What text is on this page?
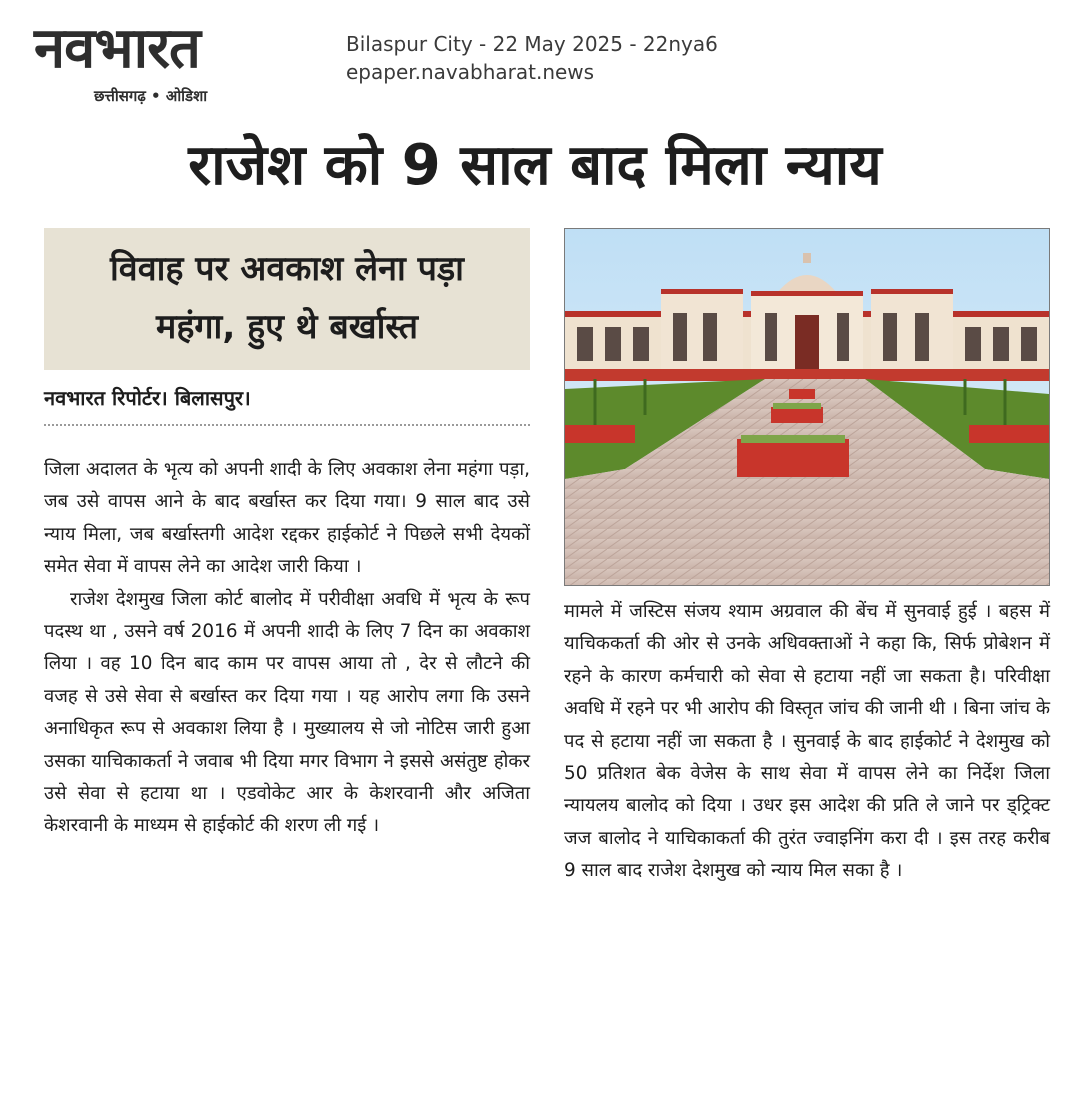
नवभारत
छत्तीसगढ़ • ओडिशा
Bilaspur City - 22 May 2025 - 22nya6
epaper.navabharat.news
राजेश को 9 साल बाद मिला न्याय
विवाह पर अवकाश लेना पड़ा
महंगा, हुए थे बर्खास्त
नवभारत रिपोर्टर। बिलासपुर।

जिला अदालत के भृत्य को अपनी शादी के लिए अवकाश लेना महंगा पड़ा, जब उसे वापस आने के बाद बर्खास्त कर दिया गया। 9 साल बाद उसे न्याय मिला, जब बर्खास्तगी आदेश रद्दकर हाईकोर्ट ने पिछले सभी देयकों समेत सेवा में वापस लेने का आदेश जारी किया ।

राजेश देशमुख जिला कोर्ट बालोद में परीवीक्षा अवधि में भृत्य के रूप पदस्थ था , उसने वर्ष 2016 में अपनी शादी के लिए 7 दिन का अवकाश लिया । वह 10 दिन बाद काम पर वापस आया तो , देर से लौटने की वजह से उसे सेवा से बर्खास्त कर दिया गया । यह आरोप लगा कि उसने अनाधिकृत रूप से अवकाश लिया है । मुख्यालय से जो नोटिस जारी हुआ उसका याचिकाकर्ता ने जवाब भी दिया मगर विभाग ने इससे असंतुष्ट होकर उसे सेवा से हटाया था । एडवोकेट आर के केशरवानी और अजिता केशरवानी के माध्यम से हाईकोर्ट की शरण ली गई ।

मामले में जस्टिस संजय श्याम अग्रवाल की बेंच में सुनवाई हुई । बहस में याचिककर्ता की ओर से उनके अधिवक्ताओं ने कहा कि, सिर्फ प्रोबेशन में रहने के कारण कर्मचारी को सेवा से हटाया नहीं जा सकता है। परिवीक्षा अवधि में रहने पर भी आरोप की विस्तृत जांच की जानी थी । बिना जांच के पद से हटाया नहीं जा सकता है । सुनवाई के बाद हाईकोर्ट ने देशमुख को 50 प्रतिशत बेक वेजेस के साथ सेवा में वापस लेने का निर्देश जिला न्यायलय बालोद को दिया । उधर इस आदेश की प्रति ले जाने पर ड्ट्रिक्ट जज बालोद ने याचिकाकर्ता की तुरंत ज्वाइनिंग करा दी । इस तरह करीब 9 साल बाद राजेश देशमुख को न्याय मिल सका है ।
